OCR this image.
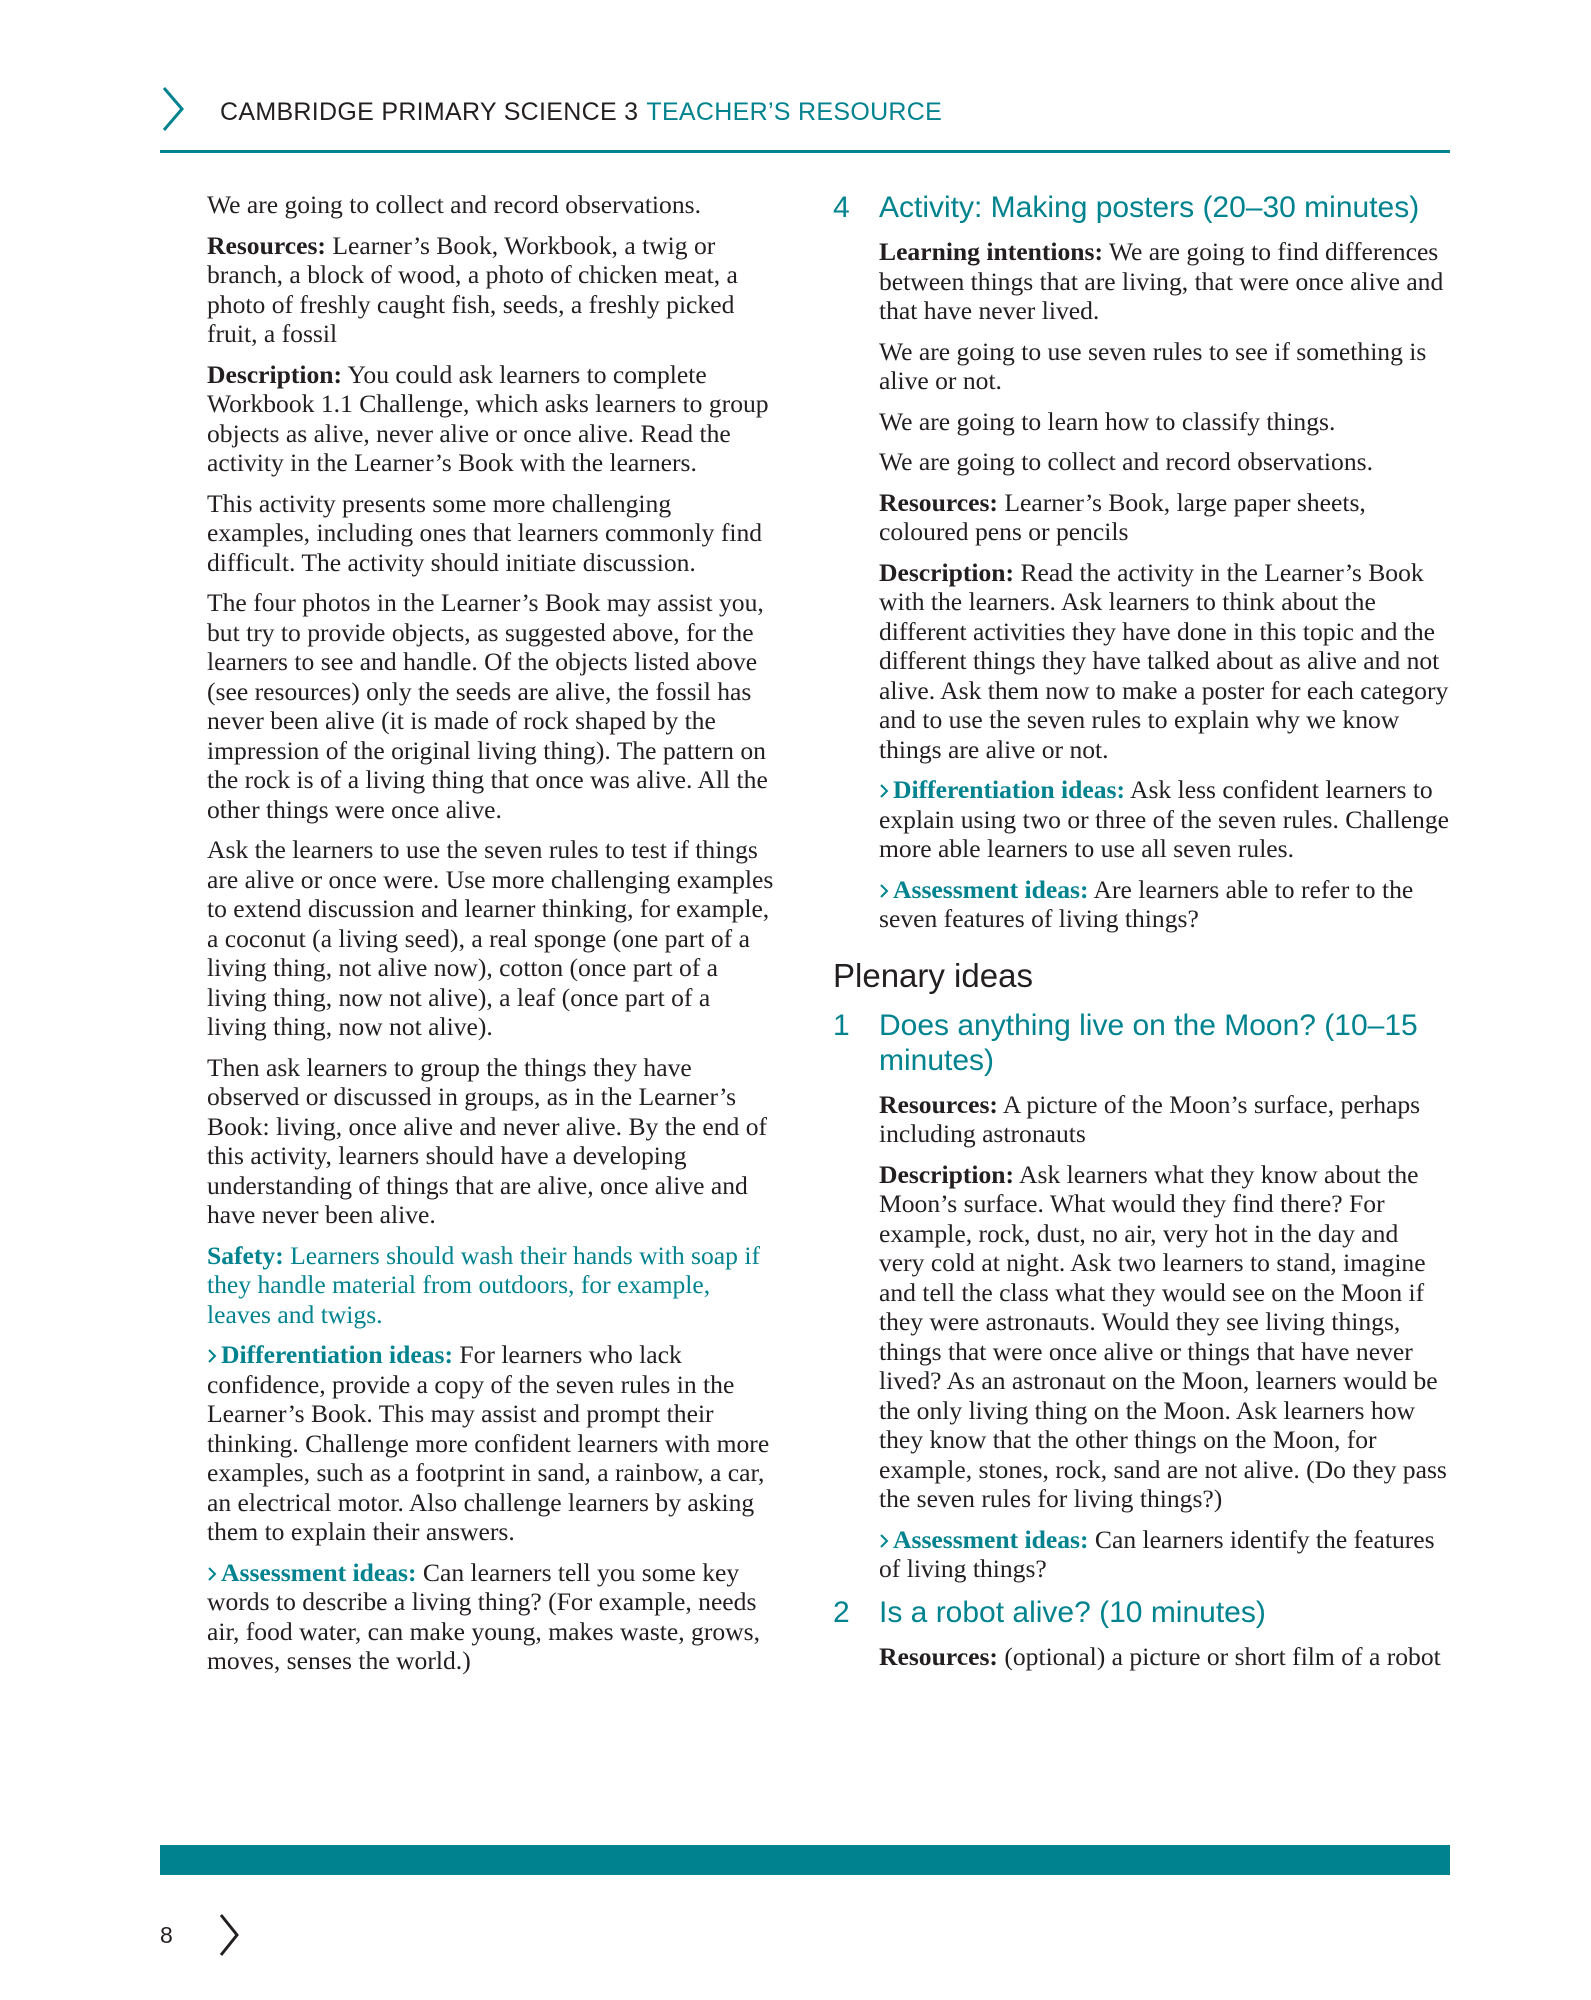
CAMBRIDGE PRIMARY SCIENCE 3 TEACHER’S RESOURCE

We are going to collect and record observations.

Resources: Learner’s Book, Workbook, a twig or branch, a block of wood, a photo of chicken meat, a photo of freshly caught fish, seeds, a freshly picked fruit, a fossil

Description: You could ask learners to complete Workbook 1.1 Challenge, which asks learners to group objects as alive, never alive or once alive. Read the activity in the Learner’s Book with the learners.

This activity presents some more challenging examples, including ones that learners commonly find difficult. The activity should initiate discussion.

The four photos in the Learner’s Book may assist you, but try to provide objects, as suggested above, for the learners to see and handle. Of the objects listed above (see resources) only the seeds are alive, the fossil has never been alive (it is made of rock shaped by the impression of the original living thing). The pattern on the rock is of a living thing that once was alive. All the other things were once alive.

Ask the learners to use the seven rules to test if things are alive or once were. Use more challenging examples to extend discussion and learner thinking, for example, a coconut (a living seed), a real sponge (one part of a living thing, not alive now), cotton (once part of a living thing, now not alive), a leaf (once part of a living thing, now not alive).

Then ask learners to group the things they have observed or discussed in groups, as in the Learner’s Book: living, once alive and never alive. By the end of this activity, learners should have a developing understanding of things that are alive, once alive and have never been alive.

Safety: Learners should wash their hands with soap if they handle material from outdoors, for example, leaves and twigs.

Differentiation ideas: For learners who lack confidence, provide a copy of the seven rules in the Learner’s Book. This may assist and prompt their thinking. Challenge more confident learners with more examples, such as a footprint in sand, a rainbow, a car, an electrical motor. Also challenge learners by asking them to explain their answers.

Assessment ideas: Can learners tell you some key words to describe a living thing? (For example, needs air, food water, can make young, makes waste, grows, moves, senses the world.)

4 Activity: Making posters (20–30 minutes)

Learning intentions: We are going to find differences between things that are living, that were once alive and that have never lived.

We are going to use seven rules to see if something is alive or not.

We are going to learn how to classify things.

We are going to collect and record observations.

Resources: Learner’s Book, large paper sheets, coloured pens or pencils

Description: Read the activity in the Learner’s Book with the learners. Ask learners to think about the different activities they have done in this topic and the different things they have talked about as alive and not alive. Ask them now to make a poster for each category and to use the seven rules to explain why we know things are alive or not.

Differentiation ideas: Ask less confident learners to explain using two or three of the seven rules. Challenge more able learners to use all seven rules.

Assessment ideas: Are learners able to refer to the seven features of living things?

Plenary ideas
1 Does anything live on the Moon? (10–15 minutes)

Resources: A picture of the Moon’s surface, perhaps including astronauts

Description: Ask learners what they know about the Moon’s surface. What would they find there? For example, rock, dust, no air, very hot in the day and very cold at night. Ask two learners to stand, imagine and tell the class what they would see on the Moon if they were astronauts. Would they see living things, things that were once alive or things that have never lived? As an astronaut on the Moon, learners would be the only living thing on the Moon. Ask learners how they know that the other things on the Moon, for example, stones, rock, sand are not alive. (Do they pass the seven rules for living things?)

Assessment ideas: Can learners identify the features of living things?

2 Is a robot alive? (10 minutes)

Resources: (optional) a picture or short film of a robot

8
